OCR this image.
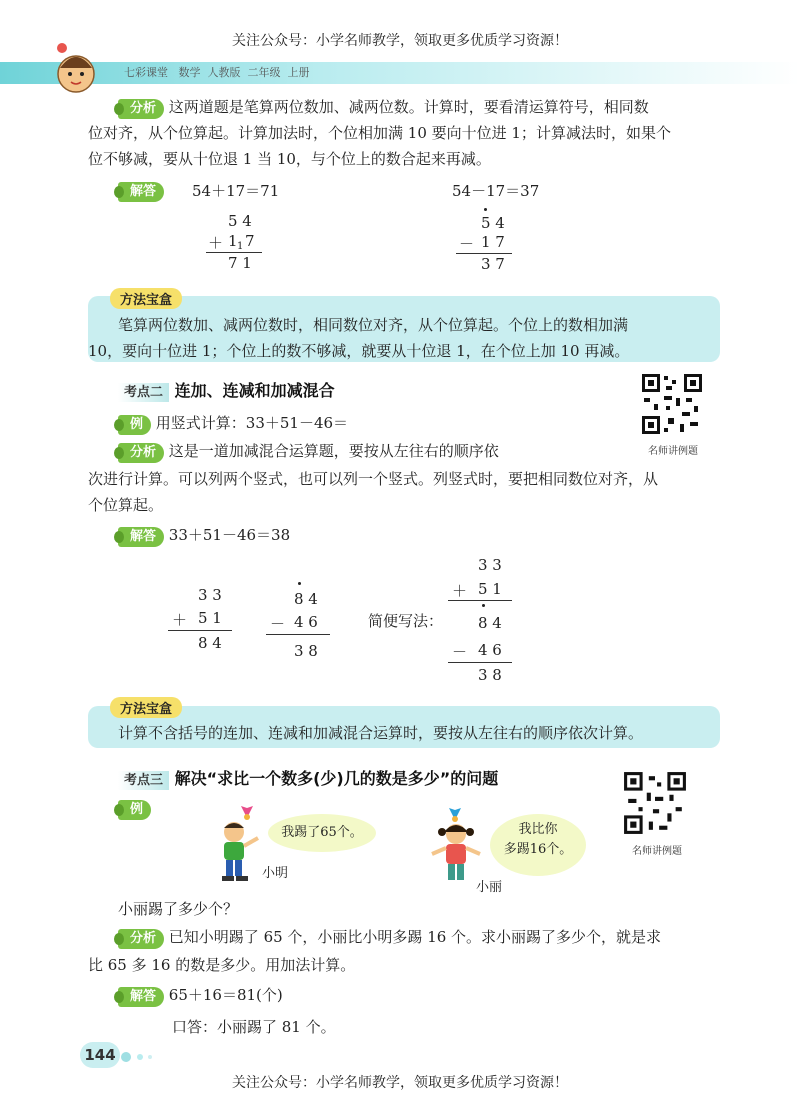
关注公众号：小学名师教学，领取更多优质学习资源！
七彩课堂 数学 人教版 二年级 上册
分析 这两道题是笔算两位数加、减两位数。计算时，要看清运算符号，相同数
位对齐，从个位算起。计算加法时，个位相加满 10 要向十位进 1；计算减法时，如果个
位不够减，要从十位退 1 当 10，与个位上的数合起来再减。
解答	54＋17＝71	54－17＝37
5 4
＋ 1 1 7
7 1
5 4
－ 1 7
3 7
方法宝盒
笔算两位数加、减两位数时，相同数位对齐，从个位算起。个位上的数相加满
10，要向十位进 1；个位上的数不够减，就要从十位退 1，在个位上加 10 再减。
考点二 连加、连减和加减混合
名师讲例题
例 用竖式计算：33＋51－46＝
分析 这是一道加减混合运算题，要按从左往右的顺序依
次进行计算。可以列两个竖式，也可以列一个竖式。列竖式时，要把相同数位对齐，从
个位算起。
解答 33＋51－46＝38
3 3
＋ 5 1
8 4
8 4
－ 4 6
3 8
简便写法：
3 3
＋ 5 1
8 4
－ 4 6
3 8
方法宝盒
计算不含括号的连加、连减和加减混合运算时，要按从左往右的顺序依次计算。
考点三 解决“求比一个数多(少)几的数是多少”的问题
名师讲例题
例
我踢了65个。
小明
我比你
多踢16个。
小丽
小丽踢了多少个？
分析 已知小明踢了 65 个，小丽比小明多踢 16 个。求小丽踢了多少个，就是求
比 65 多 16 的数是多少。用加法计算。
解答 65＋16＝81(个)
口答：小丽踢了 81 个。
144
关注公众号：小学名师教学，领取更多优质学习资源！
